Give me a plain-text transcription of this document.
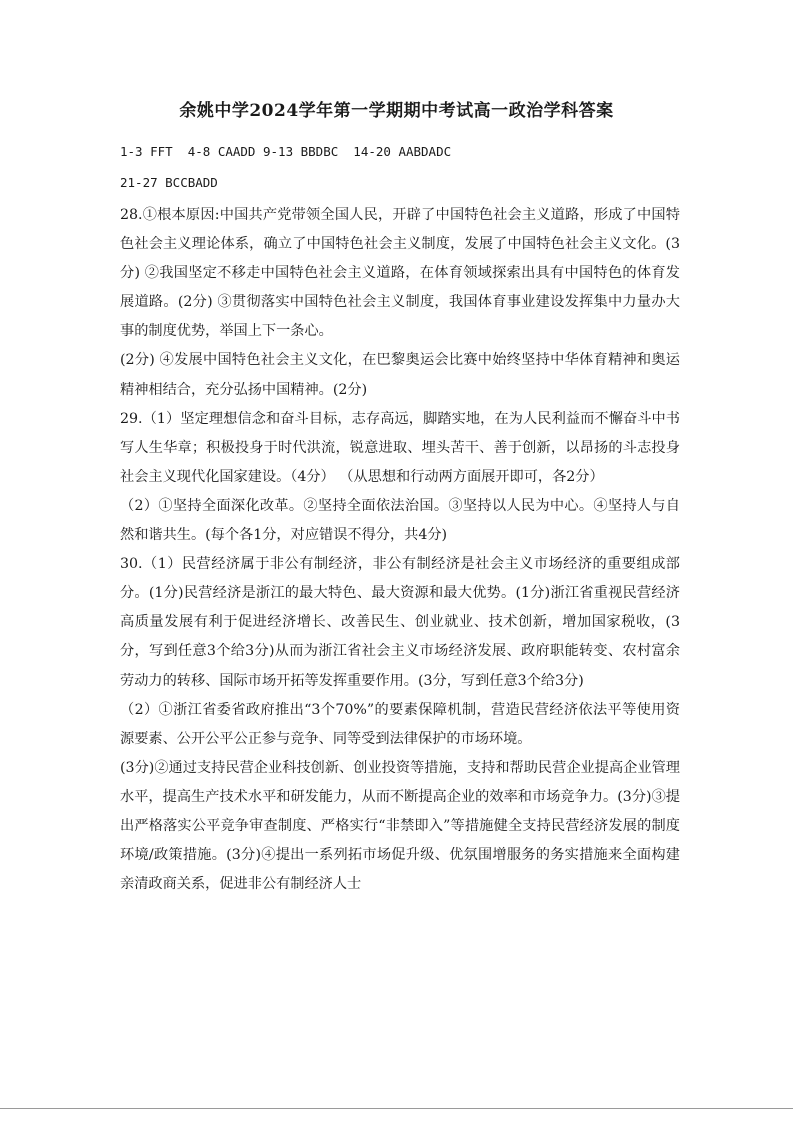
余姚中学2024学年第一学期期中考试高一政治学科答案
1-3 FFT  4-8 CAADD 9-13 BBDBC  14-20 AABDADC
21-27 BCCBADD

28.①根本原因:中国共产党带领全国人民，开辟了中国特色社会主义道路，形成了中国特色社会主义理论体系，确立了中国特色社会主义制度，发展了中国特色社会主义文化。(3分) ②我国坚定不移走中国特色社会主义道路，在体育领域探索出具有中国特色的体育发展道路。(2分) ③贯彻落实中国特色社会主义制度，我国体育事业建设发挥集中力量办大事的制度优势，举国上下一条心。

(2分) ④发展中国特色社会主义文化，在巴黎奥运会比赛中始终坚持中华体育精神和奥运精神相结合，充分弘扬中国精神。(2分)

29.（1）坚定理想信念和奋斗目标，志存高远，脚踏实地，在为人民利益而不懈奋斗中书写人生华章；积极投身于时代洪流，锐意进取、埋头苦干、善于创新，以昂扬的斗志投身社会主义现代化国家建设。（4分） （从思想和行动两方面展开即可，各2分）

（2）①坚持全面深化改革。②坚持全面依法治国。③坚持以人民为中心。④坚持人与自然和谐共生。(每个各1分，对应错误不得分，共4分)

30.（1）民营经济属于非公有制经济，非公有制经济是社会主义市场经济的重要组成部分。(1分)民营经济是浙江的最大特色、最大资源和最大优势。(1分)浙江省重视民营经济高质量发展有利于促进经济增长、改善民生、创业就业、技术创新，增加国家税收，(3分，写到任意3个给3分)从而为浙江省社会主义市场经济发展、政府职能转变、农村富余劳动力的转移、国际市场开拓等发挥重要作用。(3分，写到任意3个给3分)

（2）①浙江省委省政府推出“3个70%”的要素保障机制，营造民营经济依法平等使用资源要素、公开公平公正参与竞争、同等受到法律保护的市场环境。

(3分)②通过支持民营企业科技创新、创业投资等措施，支持和帮助民营企业提高企业管理水平，提高生产技术水平和研发能力，从而不断提高企业的效率和市场竞争力。(3分)③提出严格落实公平竞争审查制度、严格实行“非禁即入”等措施健全支持民营经济发展的制度环境/政策措施。(3分)④提出一系列拓市场促升级、优氛围增服务的务实措施来全面构建亲清政商关系，促进非公有制经济人士
